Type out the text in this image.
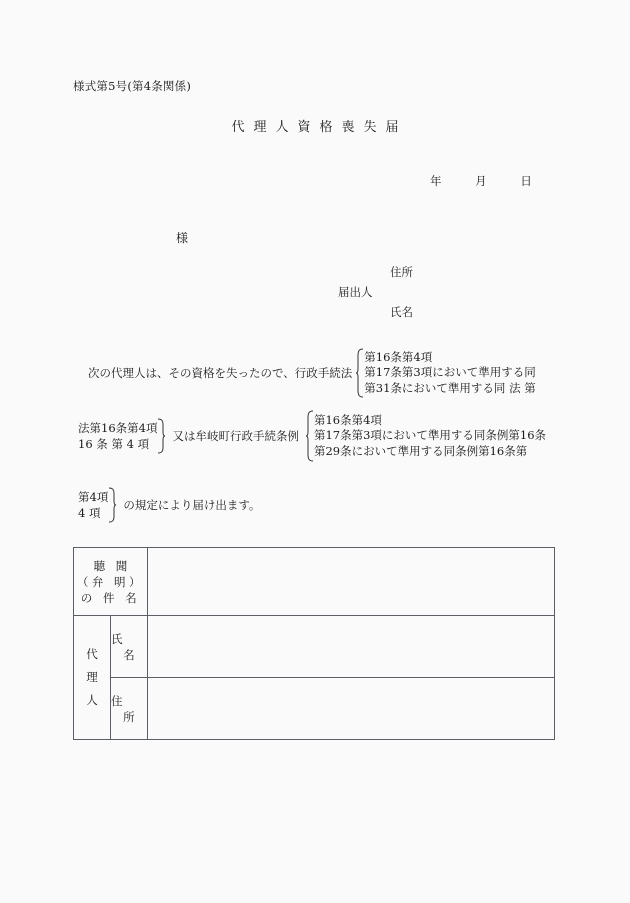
様式第5号(第4条関係)
代理人資格喪失届
年	月	日
様
住所
届出人
氏名
次の代理人は、その資格を失ったので、行政手続法
第16条第4項
第17条第3項において準用する同
第31条において準用する同 法 第
法第16条第4項
16 条 第 4 項
又は牟岐町行政手続条例
第16条第4項
第17条第3項において準用する同条例第16条
第29条において準用する同条例第16条第
第4項
4 項
の規定により届け出ます。
聴 聞 （弁 明）の 件 名		

代
理
人	氏名	
	住所	
